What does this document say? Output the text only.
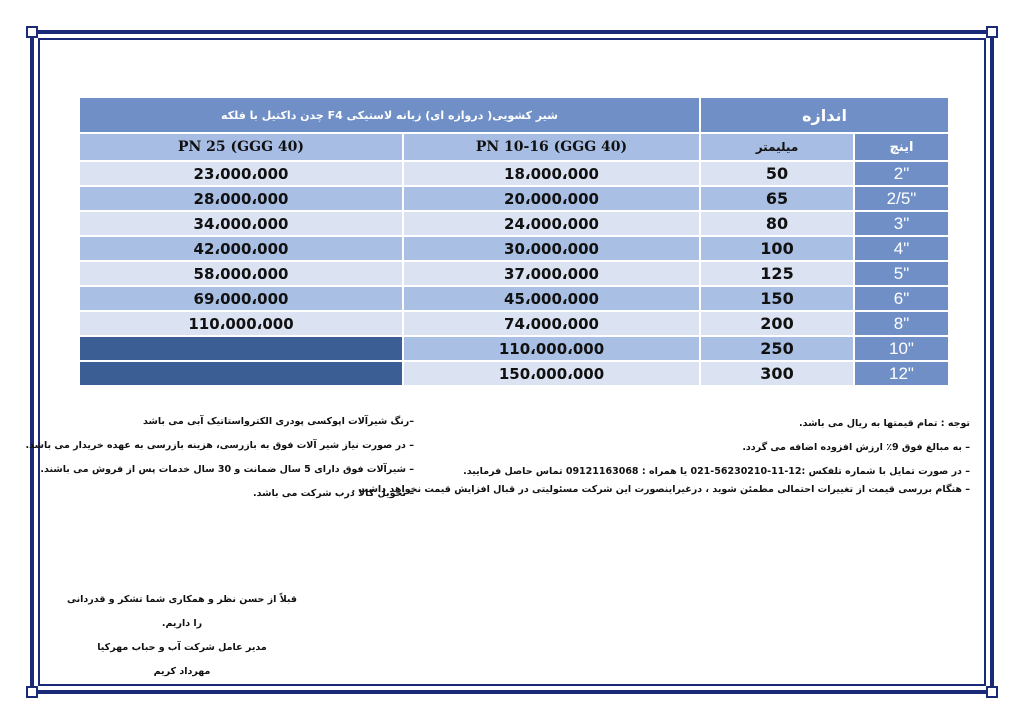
شیر کشویی( دروازه ای) زبانه لاستیکی F4 چدن داکتیل با فلکه		اندازه	
PN 25 (GGG 40)	PN 10-16 (GGG 40)	میلیمتر	اینچ
23،000،000	18،000،000	50	2"
28،000،000	20،000،000	65	2/5"
34،000،000	24،000،000	80	3"
42،000،000	30،000،000	100	4"
58،000،000	37،000،000	125	5"
69،000،000	45،000،000	150	6"
110،000،000	74،000،000	200	8"
	110،000،000	250	10"
	150،000،000	300	12"
توجه : تمام قیمتها به ریال می باشد.
– به مبالغ فوق 9٪ ارزش افزوده اضافه می گردد.
– در صورت تمایل با شماره تلفکس :12-11-56230210-021 یا همراه : 09121163068 تماس حاصل فرمایید.
– هنگام بررسی قیمت از تغییرات احتمالی مطمئن شوید ، درغیراینصورت این شرکت مسئولیتی در قبال افزایش قیمت نخواهد داشت .
–رنگ شیرآلات اپوکسی پودری الکترواستاتیک آبی می باشد
– در صورت نیاز شیر آلات فوق به بازرسی، هزینه بازرسی به عهده خریدار می باشد.
– شیرآلات فوق دارای 5 سال ضمانت و 30 سال خدمات پس از فروش می باشند.
– تحویل کالا درب شرکت می باشد.
قبلاً از حسن نظر و همکاری شما تشکر و قدردانی را داریم.
مدیر عامل شرکت آب و حباب مهرکیا
مهرداد کریم
